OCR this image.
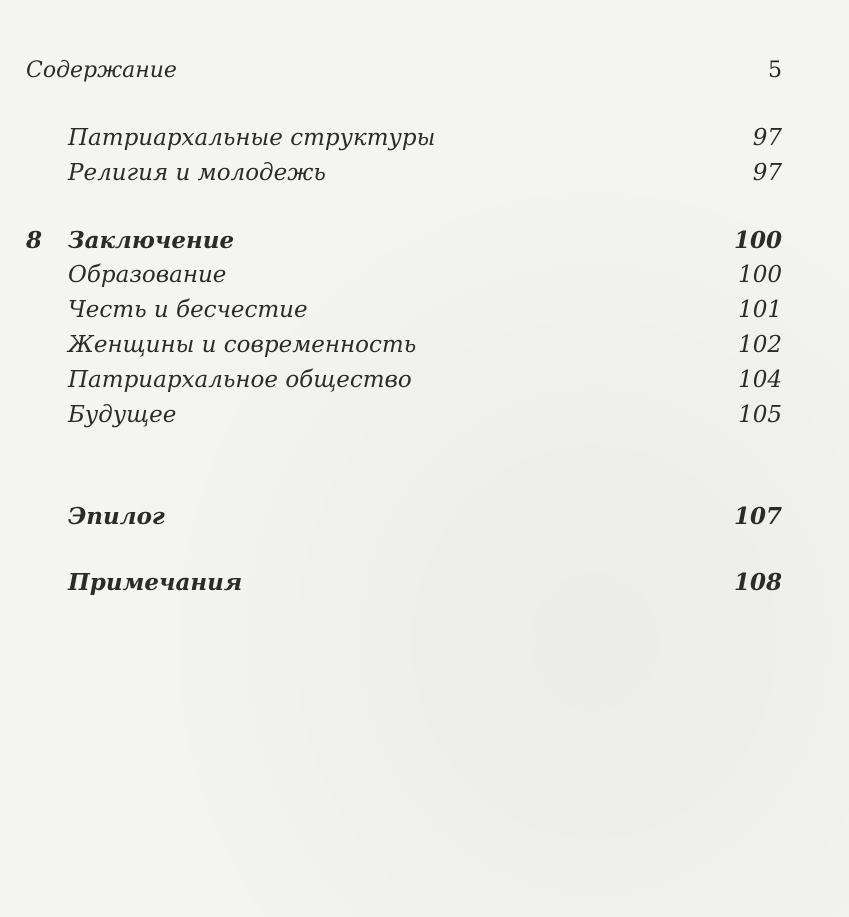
Содержание	5
Патриархальные структуры	97
Религия и молодежь	97
8 Заключение	100
Образование	100
Честь и бесчестие	101
Женщины и современность	102
Патриархальное общество	104
Будущее	105
Эпилог	107
Примечания	108
